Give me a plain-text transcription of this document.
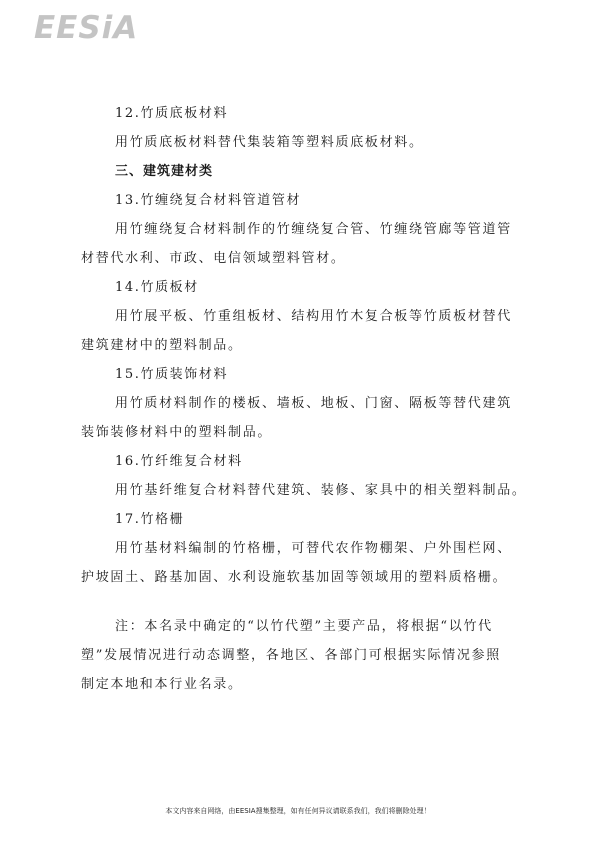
EESiA
12.竹质底板材料
用竹质底板材料替代集装箱等塑料质底板材料。
三、建筑建材类
13.竹缠绕复合材料管道管材
用竹缠绕复合材料制作的竹缠绕复合管、竹缠绕管廊等管道管
材替代水利、市政、电信领域塑料管材。
14.竹质板材
用竹展平板、竹重组板材、结构用竹木复合板等竹质板材替代
建筑建材中的塑料制品。
15.竹质装饰材料
用竹质材料制作的楼板、墙板、地板、门窗、隔板等替代建筑
装饰装修材料中的塑料制品。
16.竹纤维复合材料
用竹基纤维复合材料替代建筑、装修、家具中的相关塑料制品。
17.竹格栅
用竹基材料编制的竹格栅，可替代农作物棚架、户外围栏网、
护坡固土、路基加固、水利设施软基加固等领域用的塑料质格栅。
注：本名录中确定的“以竹代塑”主要产品，将根据“以竹代
塑”发展情况进行动态调整，各地区、各部门可根据实际情况参照
制定本地和本行业名录。
本文内容来自网络，由EESIA搜集整理，如有任何异议请联系我们，我们将删除处理！
